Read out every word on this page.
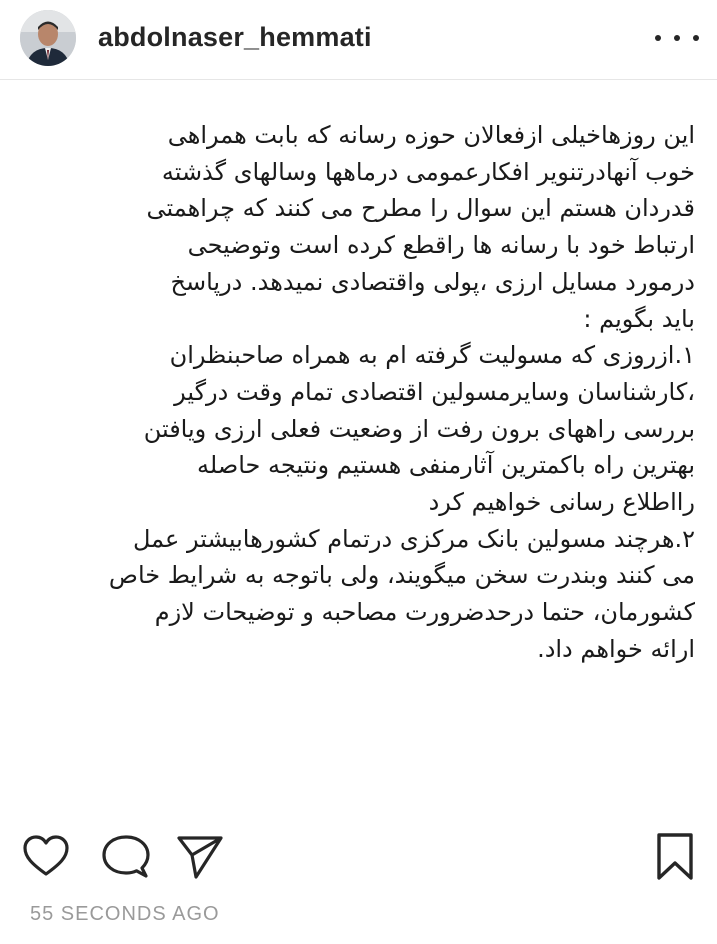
abdolnaser_hemmati
این روزهاخیلی ازفعالان حوزه رسانه که بابت همراهی
خوب آنهادرتنویر افکارعمومی درماهها وسالهای گذشته
قدردان هستم این سوال را مطرح می کنند که چراهمتی
ارتباط خود با رسانه ها راقطع کرده است وتوضیحی
درمورد مسایل ارزی ،پولی واقتصادی نمیدهد. درپاسخ
باید بگویم :
۱.ازروزی که مسولیت گرفته ام به همراه صاحبنظران
،کارشناسان وسایرمسولین اقتصادی تمام وقت درگیر
بررسی راههای برون رفت از وضعیت فعلی ارزی ویافتن
بهترین راه باکمترین آثارمنفی هستیم ونتیجه حاصله
رااطلاع رسانی خواهیم کرد
۲.هرچند مسولین بانک مرکزی درتمام کشورهابیشتر عمل
می کنند وبندرت سخن میگویند، ولی باتوجه به شرایط خاص
کشورمان، حتما درحدضرورت مصاحبه و توضیحات لازم
ارائه خواهم داد.
55 SECONDS AGO
